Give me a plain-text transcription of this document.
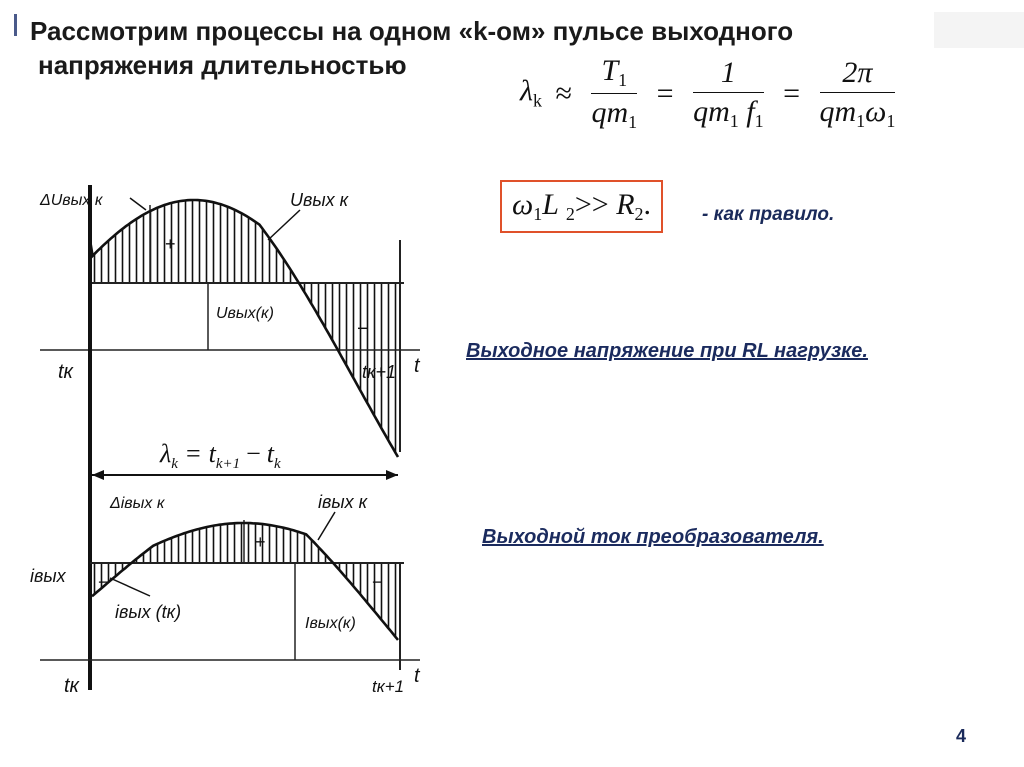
Рассмотрим процессы на одном «k-ом» пульсе выходного
напряжения длительностью
$\lambda_k \approx \frac{T_1}{qm_1} = \frac{1}{qm_1 f_1} = \frac{2\pi}{qm_1\omega_1}$
$\omega_1L$ $_2>> R_2$.	- как правило.
Выходное напряжение при RL нагрузке.
Выходной ток преобразователя.
4
ΔUвых к	Uвых к
Uвых(к)
+
−
tк	tк+1 t
$\lambda_k = t_{k+1} - t_k$
Δiвых к	iвых к
iвых
iвых (tк)
Iвых(к)
+
−	−
tк	tк+1 t
